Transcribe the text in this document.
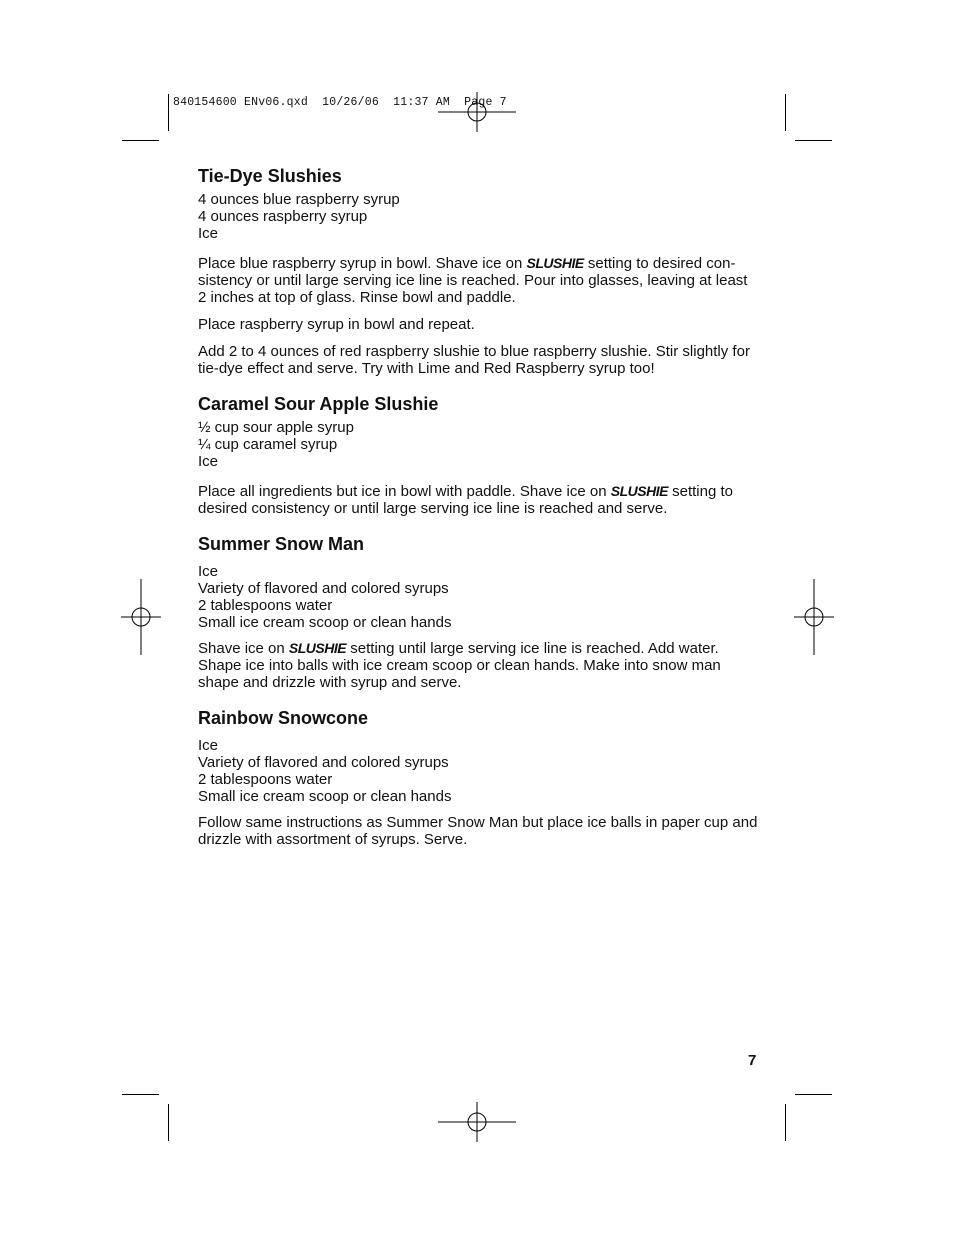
840154600 ENv06.qxd  10/26/06  11:37 AM  Page 7
Tie-Dye Slushies
4 ounces blue raspberry syrup
4 ounces raspberry syrup
Ice

Place blue raspberry syrup in bowl. Shave ice on SLUSHIE setting to desired con-sistency or until large serving ice line is reached. Pour into glasses, leaving at least 2 inches at top of glass. Rinse bowl and paddle.

Place raspberry syrup in bowl and repeat.

Add 2 to 4 ounces of red raspberry slushie to blue raspberry slushie. Stir slightly for tie-dye effect and serve. Try with Lime and Red Raspberry syrup too!

Caramel Sour Apple Slushie
½ cup sour apple syrup
¼ cup caramel syrup
Ice

Place all ingredients but ice in bowl with paddle. Shave ice on SLUSHIE setting to desired consistency or until large serving ice line is reached and serve.

Summer Snow Man
Ice
Variety of flavored and colored syrups
2 tablespoons water
Small ice cream scoop or clean hands

Shave ice on SLUSHIE setting until large serving ice line is reached. Add water. Shape ice into balls with ice cream scoop or clean hands. Make into snow man shape and drizzle with syrup and serve.

Rainbow Snowcone
Ice
Variety of flavored and colored syrups
2 tablespoons water
Small ice cream scoop or clean hands

Follow same instructions as Summer Snow Man but place ice balls in paper cup and drizzle with assortment of syrups. Serve.

7
